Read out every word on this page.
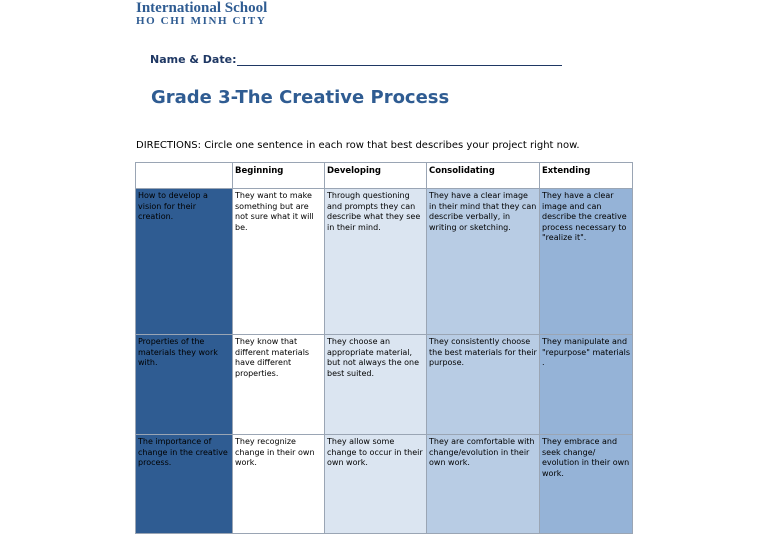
International School
HO CHI MINH CITY
Name & Date:
Grade 3-The Creative Process
DIRECTIONS: Circle one sentence in each row that best describes your project right now.
	Beginning	Developing	Consolidating	Extending
How to develop a vision for their creation.	They want to make something but are not sure what it will be.	Through questioning and prompts they can describe what they see in their mind.	They have a clear image in their mind that they can describe verbally, in writing or sketching.	They have a clear image and can describe the creative process necessary to "realize it".
Properties of the materials they work with.	They know that different materials have different properties.	They choose an appropriate material, but not always the one best suited.	They consistently choose the best materials for their purpose.	They manipulate and "repurpose" materials .
The importance of change in the creative process.	They recognize change in their own work.	They allow some change to occur in their own work.	They are comfortable with change/evolution in their own work.	They embrace and seek change/ evolution in their own work.
